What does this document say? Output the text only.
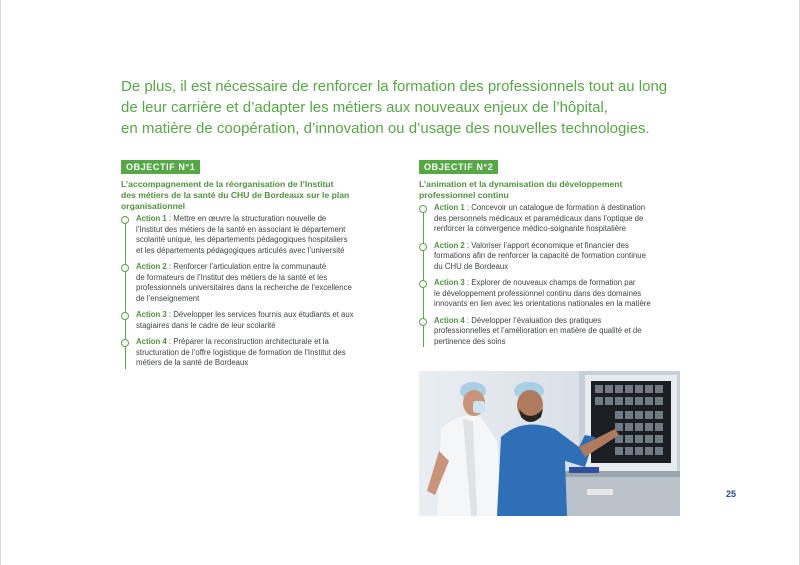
De plus, il est nécessaire de renforcer la formation des professionnels tout au long
de leur carrière et d’adapter les métiers aux nouveaux enjeux de l’hôpital,
en matière de coopération, d’innovation ou d’usage des nouvelles technologies.

OBJECTIF N°1
L’accompagnement de la réorganisation de l’Institut
des métiers de la santé du CHU de Bordeaux sur le plan
organisationnel
Action 1 : Mettre en œuvre la structuration nouvelle de
l’Institut des métiers de la santé en associant le département
scolarité unique, les départements pédagogiques hospitaliers
et les départements pédagogiques articulés avec l’université
Action 2 : Renforcer l’articulation entre la communauté
de formateurs de l’Institut des métiers de la santé et les
professionnels universitaires dans la recherche de l’excellence
de l’enseignement
Action 3 : Développer les services fournis aux étudiants et aux
stagiaires dans le cadre de leur scolarité
Action 4 : Préparer la reconstruction architecturale et la
structuration de l’offre logistique de formation de l’Institut des
métiers de la santé de Bordeaux
OBJECTIF N°2
L’animation et la dynamisation du développement
professionnel continu
Action 1 : Concevoir un catalogue de formation à destination
des personnels médicaux et paramédicaux dans l’optique de
renforcer la convergence médico-soignante hospitalière
Action 2 : Valoriser l’apport économique et financier des
formations afin de renforcer la capacité de formation continue
du CHU de Bordeaux
Action 3 : Explorer de nouveaux champs de formation par
le développement professionnel continu dans des domaines
innovants en lien avec les orientations nationales en la matière
Action 4 : Développer l’évaluation des pratiques
professionnelles et l’amélioration en matière de qualité et de
pertinence des soins
25
